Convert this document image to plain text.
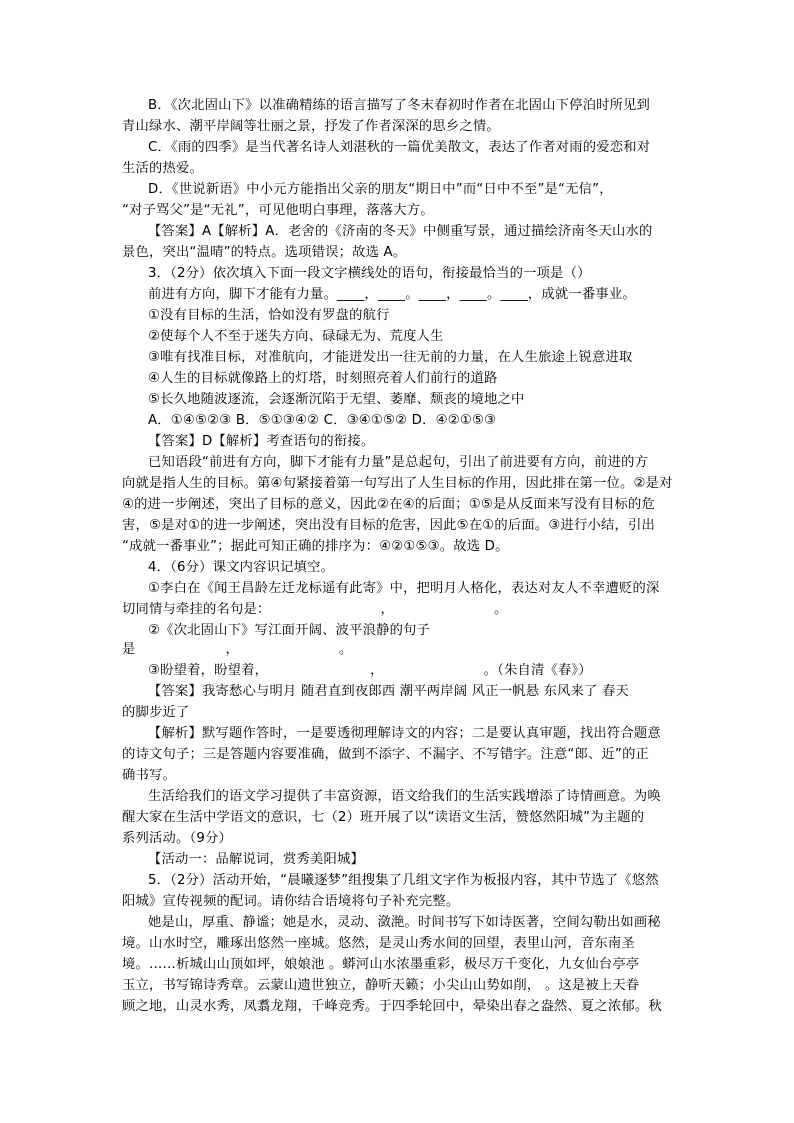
B．《次北固山下》以准确精练的语言描写了冬末春初时作者在北固山下停泊时所见到
青山绿水、潮平岸阔等壮丽之景，抒发了作者深深的思乡之情。
C．《雨的四季》是当代著名诗人刘湛秋的一篇优美散文，表达了作者对雨的爱恋和对
生活的热爱。
D．《世说新语》中小元方能指出父亲的朋友“期日中”而“日中不至”是“无信”，
“对子骂父”是“无礼”，可见他明白事理，落落大方。
【答案】A【解析】A．老舍的《济南的冬天》中侧重写景，通过描绘济南冬天山水的
景色，突出“温晴”的特点。选项错误；故选 A。
3．（2分）依次填入下面一段文字横线处的语句，衔接最恰当的一项是（）
前进有方向，脚下才能有力量。____，____。____，____。____，成就一番事业。
①没有目标的生活，恰如没有罗盘的航行
②使每个人不至于迷失方向、碌碌无为、荒度人生
③唯有找准目标，对准航向，才能迸发出一往无前的力量，在人生旅途上锐意进取
④人生的目标就像路上的灯塔，时刻照亮着人们前行的道路
⑤长久地随波逐流，会逐渐沉陷于无望、萎靡、颓丧的境地之中
A．①④⑤②③ B．⑤①③④② C．③④①⑤② D．④②①⑤③
【答案】D【解析】考查语句的衔接。
已知语段“前进有方向，脚下才能有力量”是总起句，引出了前进要有方向，前进的方
向就是指人生的目标。第④句紧接着第一句写出了人生目标的作用，因此排在第一位。②是对
④的进一步阐述，突出了目标的意义，因此②在④的后面；①⑤是从反面来写没有目标的危
害，⑤是对①的进一步阐述，突出没有目标的危害，因此⑤在①的后面。③进行小结，引出
“成就一番事业”；据此可知正确的排序为：④②①⑤③。故选 D。
4．（6分）课文内容识记填空。
①李白在《闻王昌龄左迁龙标遥有此寄》中，把明月人格化，表达对友人不幸遭贬的深
切同情与牵挂的名句是：	，	。
②《次北固山下》写江面开阔、波平浪静的句子
是	，	。
③盼望着，盼望着，	，	。（朱自清《春》）
【答案】我寄愁心与明月 随君直到夜郎西 潮平两岸阔 风正一帆悬 东风来了 春天
的脚步近了
【解析】默写题作答时，一是要透彻理解诗文的内容；二是要认真审题，找出符合题意
的诗文句子；三是答题内容要准确，做到不添字、不漏字、不写错字。注意“郎、近”的正
确书写。
生活给我们的语文学习提供了丰富资源，语文给我们的生活实践增添了诗情画意。为唤
醒大家在生活中学语文的意识，七（2）班开展了以“读语文生活，赞悠然阳城”为主题的
系列活动。（9分）
【活动一：品解说词，赏秀美阳城】
5．（2分）活动开始，“晨曦逐梦”组搜集了几组文字作为板报内容，其中节选了《悠然
阳城》宣传视频的配词。请你结合语境将句子补充完整。
她是山，厚重、静谧；她是水，灵动、潋滟。时间书写下如诗医著，空间勾勒出如画秘
境。山水时空，雕琢出悠然一座城。悠然，是灵山秀水间的回望，表里山河，音东南圣
境。……析城山山顶如坪，娘娘池 。蟒河山水浓墨重彩，极尽万千变化，九女仙台亭亭
玉立，书写锦诗秀章。云蒙山遗世独立，静听天籁；小尖山山势如削， 。这是被上天眷
顾之地，山灵水秀，凤翥龙翔，千峰竞秀。于四季轮回中，晕染出春之盎然、夏之浓郁。秋
